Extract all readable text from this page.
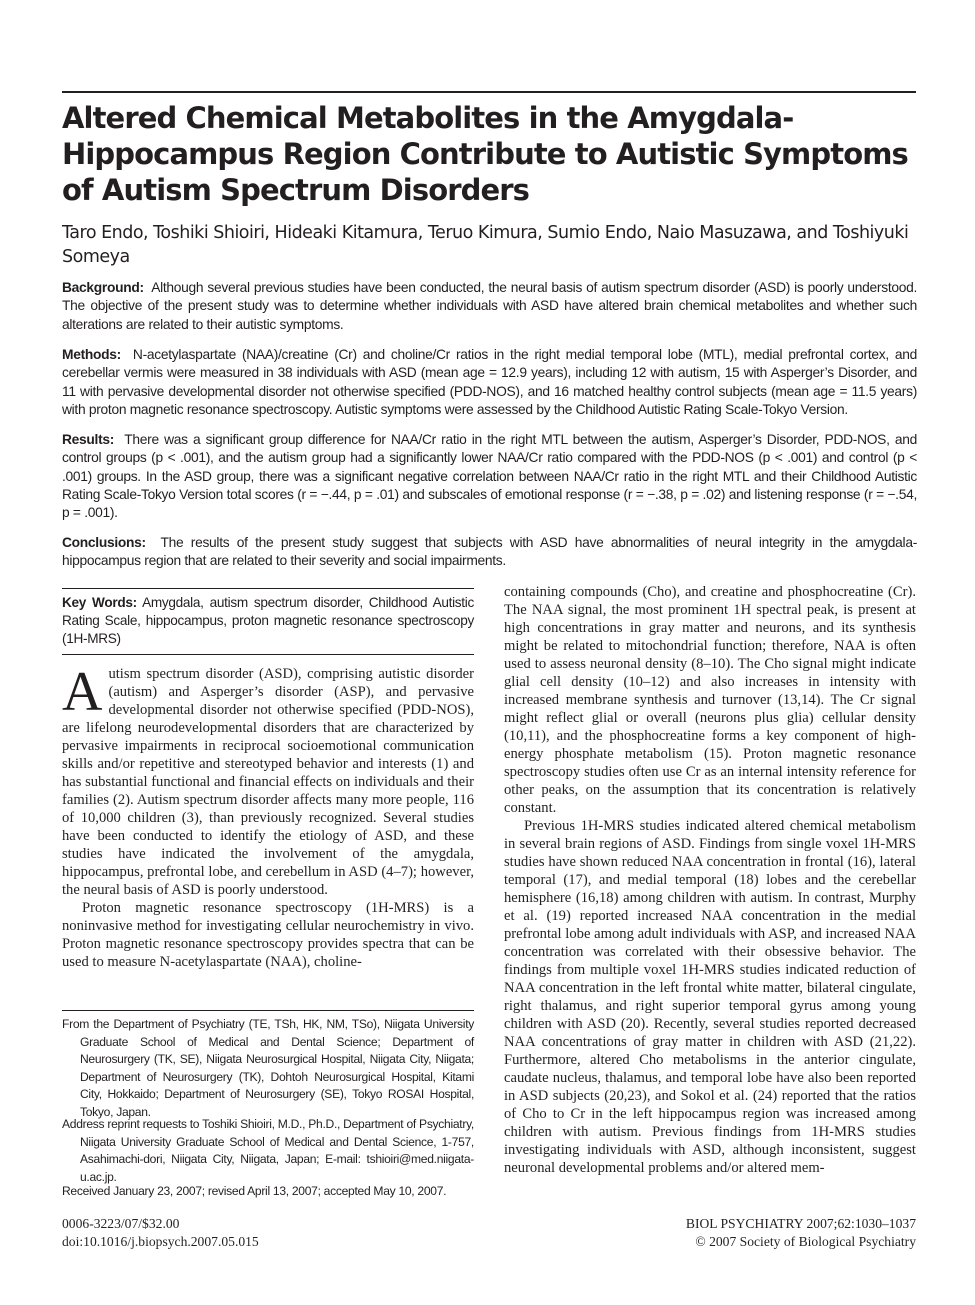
Altered Chemical Metabolites in the Amygdala-Hippocampus Region Contribute to Autistic Symptoms of Autism Spectrum Disorders
Taro Endo, Toshiki Shioiri, Hideaki Kitamura, Teruo Kimura, Sumio Endo, Naio Masuzawa, and Toshiyuki Someya
Background: Although several previous studies have been conducted, the neural basis of autism spectrum disorder (ASD) is poorly understood. The objective of the present study was to determine whether individuals with ASD have altered brain chemical metabolites and whether such alterations are related to their autistic symptoms.
Methods: N-acetylaspartate (NAA)/creatine (Cr) and choline/Cr ratios in the right medial temporal lobe (MTL), medial prefrontal cortex, and cerebellar vermis were measured in 38 individuals with ASD (mean age = 12.9 years), including 12 with autism, 15 with Asperger’s Disorder, and 11 with pervasive developmental disorder not otherwise specified (PDD-NOS), and 16 matched healthy control subjects (mean age = 11.5 years) with proton magnetic resonance spectroscopy. Autistic symptoms were assessed by the Childhood Autistic Rating Scale-Tokyo Version.
Results: There was a significant group difference for NAA/Cr ratio in the right MTL between the autism, Asperger’s Disorder, PDD-NOS, and control groups (p < .001), and the autism group had a significantly lower NAA/Cr ratio compared with the PDD-NOS (p < .001) and control (p < .001) groups. In the ASD group, there was a significant negative correlation between NAA/Cr ratio in the right MTL and their Childhood Autistic Rating Scale-Tokyo Version total scores (r = −.44, p = .01) and subscales of emotional response (r = −.38, p = .02) and listening response (r = −.54, p = .001).
Conclusions: The results of the present study suggest that subjects with ASD have abnormalities of neural integrity in the amygdala-hippocampus region that are related to their severity and social impairments.
Key Words: Amygdala, autism spectrum disorder, Childhood Autistic Rating Scale, hippocampus, proton magnetic resonance spectroscopy (1H-MRS)

Autism spectrum disorder (ASD), comprising autistic disorder (autism) and Asperger’s disorder (ASP), and pervasive developmental disorder not otherwise specified (PDD-NOS), are lifelong neurodevelopmental disorders that are characterized by pervasive impairments in reciprocal socioemotional communication skills and/or repetitive and stereotyped behavior and interests (1) and has substantial functional and financial effects on individuals and their families (2). Autism spectrum disorder affects many more people, 116 of 10,000 children (3), than previously recognized. Several studies have been conducted to identify the etiology of ASD, and these studies have indicated the involvement of the amygdala, hippocampus, prefrontal lobe, and cerebellum in ASD (4–7); however, the neural basis of ASD is poorly understood.

Proton magnetic resonance spectroscopy (1H-MRS) is a noninvasive method for investigating cellular neurochemistry in vivo. Proton magnetic resonance spectroscopy provides spectra that can be used to measure N-acetylaspartate (NAA), choline-

From the Department of Psychiatry (TE, TSh, HK, NM, TSo), Niigata University Graduate School of Medical and Dental Science; Department of Neurosurgery (TK, SE), Niigata Neurosurgical Hospital, Niigata City, Niigata; Department of Neurosurgery (TK), Dohtoh Neurosurgical Hospital, Kitami City, Hokkaido; Department of Neurosurgery (SE), Tokyo ROSAI Hospital, Tokyo, Japan.
Address reprint requests to Toshiki Shioiri, M.D., Ph.D., Department of Psychiatry, Niigata University Graduate School of Medical and Dental Science, 1-757, Asahimachi-dori, Niigata City, Niigata, Japan; E-mail: tshioiri@med.niigata-u.ac.jp.
Received January 23, 2007; revised April 13, 2007; accepted May 10, 2007.

containing compounds (Cho), and creatine and phosphocreatine (Cr). The NAA signal, the most prominent 1H spectral peak, is present at high concentrations in gray matter and neurons, and its synthesis might be related to mitochondrial function; therefore, NAA is often used to assess neuronal density (8–10). The Cho signal might indicate glial cell density (10–12) and also increases in intensity with increased membrane synthesis and turnover (13,14). The Cr signal might reflect glial or overall (neurons plus glia) cellular density (10,11), and the phosphocreatine forms a key component of high-energy phosphate metabolism (15). Proton magnetic resonance spectroscopy studies often use Cr as an internal intensity reference for other peaks, on the assumption that its concentration is relatively constant.

Previous 1H-MRS studies indicated altered chemical metabolism in several brain regions of ASD. Findings from single voxel 1H-MRS studies have shown reduced NAA concentration in frontal (16), lateral temporal (17), and medial temporal (18) lobes and the cerebellar hemisphere (16,18) among children with autism. In contrast, Murphy et al. (19) reported increased NAA concentration in the medial prefrontal lobe among adult individuals with ASP, and increased NAA concentration was correlated with their obsessive behavior. The findings from multiple voxel 1H-MRS studies indicated reduction of NAA concentration in the left frontal white matter, bilateral cingulate, right thalamus, and right superior temporal gyrus among young children with ASD (20). Recently, several studies reported decreased NAA concentrations of gray matter in children with ASD (21,22). Furthermore, altered Cho metabolisms in the anterior cingulate, caudate nucleus, thalamus, and temporal lobe have also been reported in ASD subjects (20,23), and Sokol et al. (24) reported that the ratios of Cho to Cr in the left hippocampus region was increased among children with autism. Previous findings from 1H-MRS studies investigating individuals with ASD, although inconsistent, suggest neuronal developmental problems and/or altered mem-

0006-3223/07/$32.00
doi:10.1016/j.biopsych.2007.05.015
BIOL PSYCHIATRY 2007;62:1030–1037
© 2007 Society of Biological Psychiatry
